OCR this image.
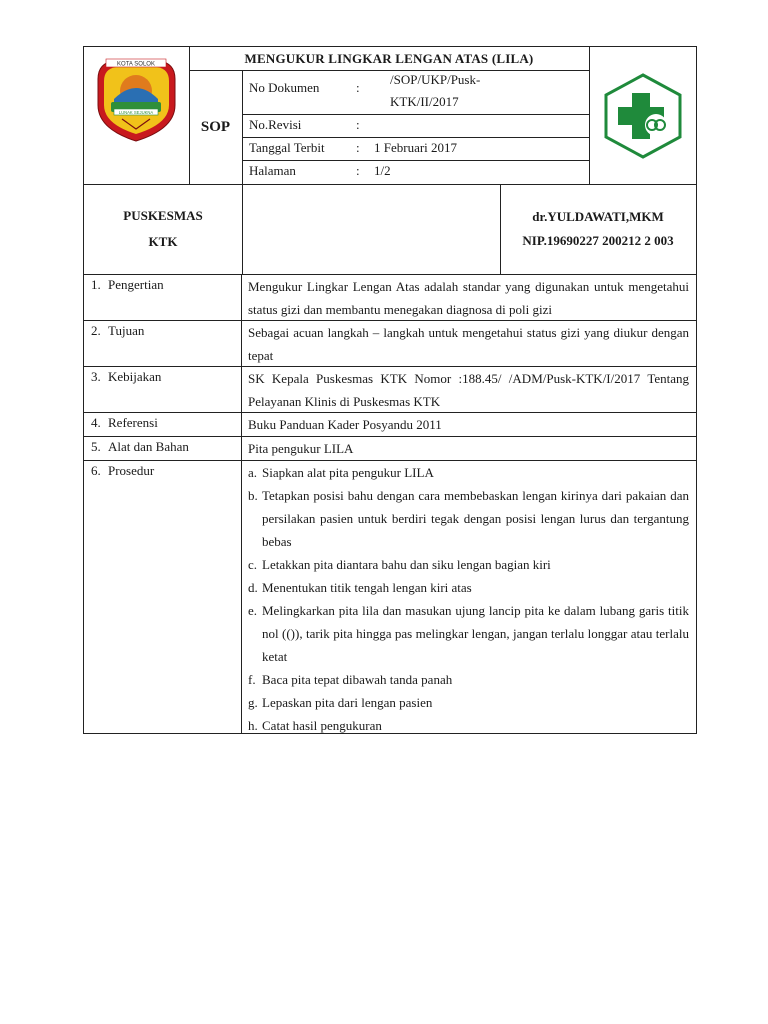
LUNAK SEJUKNA
KOTA SOLOK	MENGUKUR LINGKAR LENGAN ATAS (LILA)
SOP
No Dokumen	:
/SOP/UKP/Pusk-
KTK/II/2017
No.Revisi	:
Tanggal Terbit : 1 Februari 2017
Halaman	: 1/2
PUSKESMAS
KTK
dr.YULDAWATI,MKM
NIP.19690227 200212 2 003
1. Pengertian	Mengukur Lingkar Lengan Atas adalah standar yang digunakan untuk mengetahui status gizi dan membantu menegakan diagnosa di poli gizi
2. Tujuan	Sebagai acuan langkah – langkah untuk mengetahui status gizi yang diukur dengan tepat
3. Kebijakan	SK Kepala Puskesmas KTK Nomor :188.45/ /ADM/Pusk-KTK/I/2017 Tentang Pelayanan Klinis di Puskesmas KTK
4. Referensi	Buku Panduan Kader Posyandu 2011
5. Alat dan Bahan	Pita pengukur LILA
6. Prosedur	a. Siapkan alat pita pengukur LILA
b. Tetapkan posisi bahu dengan cara membebaskan lengan kirinya dari pakaian dan persilakan pasien untuk berdiri tegak dengan posisi lengan lurus dan tergantung bebas
c. Letakkan pita diantara bahu dan siku lengan bagian kiri
d. Menentukan titik tengah lengan kiri atas
e. Melingkarkan pita lila dan masukan ujung lancip pita ke dalam lubang garis titik nol (()), tarik pita hingga pas melingkar lengan, jangan terlalu longgar atau terlalu ketat
f. Baca pita tepat dibawah tanda panah
g. Lepaskan pita dari lengan pasien
h. Catat hasil pengukuran
